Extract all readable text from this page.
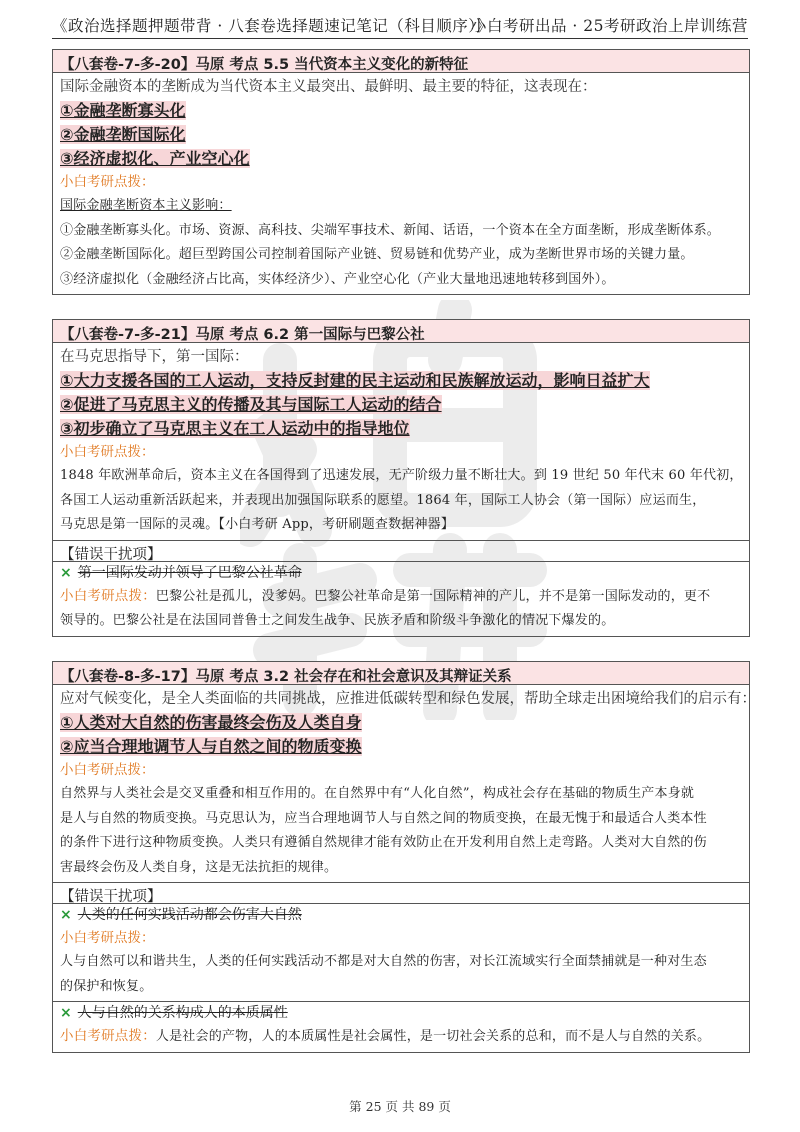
《政治选择题押题带背 · 八套卷选择题速记笔记（科目顺序）》
小白考研出品 · 25考研政治上岸训练营
【八套卷-7-多-20】马原 考点 5.5 当代资本主义变化的新特征
国际金融资本的垄断成为当代资本主义最突出、最鲜明、最主要的特征，这表现在：
①金融垄断寡头化
②金融垄断国际化
③经济虚拟化、产业空心化
小白考研点拨：
国际金融垄断资本主义影响：
①金融垄断寡头化。市场、资源、高科技、尖端军事技术、新闻、话语，一个资本在全方面垄断，形成垄断体系。
②金融垄断国际化。超巨型跨国公司控制着国际产业链、贸易链和优势产业，成为垄断世界市场的关键力量。
③经济虚拟化（金融经济占比高，实体经济少）、产业空心化（产业大量地迅速地转移到国外）。
【八套卷-7-多-21】马原 考点 6.2 第一国际与巴黎公社
在马克思指导下，第一国际：
①大力支援各国的工人运动，支持反封建的民主运动和民族解放运动，影响日益扩大
②促进了马克思主义的传播及其与国际工人运动的结合
③初步确立了马克思主义在工人运动中的指导地位
小白考研点拨：
1848 年欧洲革命后，资本主义在各国得到了迅速发展，无产阶级力量不断壮大。到 19 世纪 50 年代末 60 年代初，
各国工人运动重新活跃起来，并表现出加强国际联系的愿望。1864 年，国际工人协会（第一国际）应运而生，
马克思是第一国际的灵魂。【小白考研 App，考研刷题查数据神器】
【错误干扰项】
× 第一国际发动并领导了巴黎公社革命
小白考研点拨：巴黎公社是孤儿，没爹妈。巴黎公社革命是第一国际精神的产儿，并不是第一国际发动的，更不
领导的。巴黎公社是在法国同普鲁士之间发生战争、民族矛盾和阶级斗争激化的情况下爆发的。
【八套卷-8-多-17】马原 考点 3.2 社会存在和社会意识及其辩证关系
应对气候变化，是全人类面临的共同挑战，应推进低碳转型和绿色发展，帮助全球走出困境给我们的启示有：
①人类对大自然的伤害最终会伤及人类自身
②应当合理地调节人与自然之间的物质变换
小白考研点拨：
自然界与人类社会是交叉重叠和相互作用的。在自然界中有“人化自然”，构成社会存在基础的物质生产本身就
是人与自然的物质变换。马克思认为，应当合理地调节人与自然之间的物质变换，在最无愧于和最适合人类本性
的条件下进行这种物质变换。人类只有遵循自然规律才能有效防止在开发利用自然上走弯路。人类对大自然的伤
害最终会伤及人类自身，这是无法抗拒的规律。
【错误干扰项】
× 人类的任何实践活动都会伤害大自然
小白考研点拨：
人与自然可以和谐共生，人类的任何实践活动不都是对大自然的伤害，对长江流域实行全面禁捕就是一种对生态
的保护和恢复。
× 人与自然的关系构成人的本质属性
小白考研点拨：人是社会的产物，人的本质属性是社会属性，是一切社会关系的总和，而不是人与自然的关系。
第 25 页 共 89 页
